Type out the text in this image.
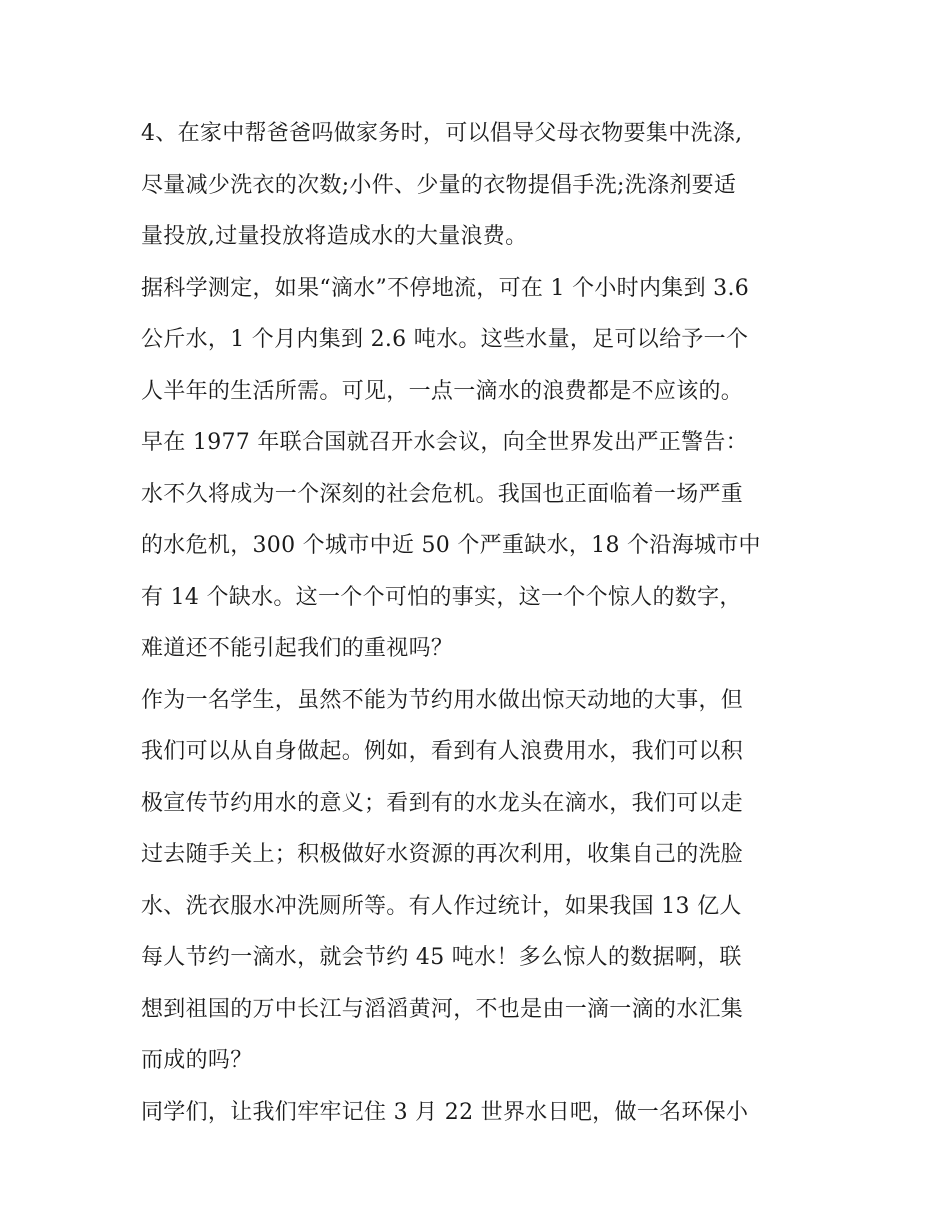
4、在家中帮爸爸吗做家务时，可以倡导父母衣物要集中洗涤,
尽量减少洗衣的次数;小件、少量的衣物提倡手洗;洗涤剂要适
量投放,过量投放将造成水的大量浪费。
据科学测定，如果“滴水”不停地流，可在 1 个小时内集到 3.6
公斤水，1 个月内集到 2.6 吨水。这些水量，足可以给予一个
人半年的生活所需。可见，一点一滴水的浪费都是不应该的。
早在 1977 年联合国就召开水会议，向全世界发出严正警告：
水不久将成为一个深刻的社会危机。我国也正面临着一场严重
的水危机，300 个城市中近 50 个严重缺水，18 个沿海城市中
有 14 个缺水。这一个个可怕的事实，这一个个惊人的数字，
难道还不能引起我们的重视吗？
作为一名学生，虽然不能为节约用水做出惊天动地的大事，但
我们可以从自身做起。例如，看到有人浪费用水，我们可以积
极宣传节约用水的意义；看到有的水龙头在滴水，我们可以走
过去随手关上；积极做好水资源的再次利用，收集自己的洗脸
水、洗衣服水冲洗厕所等。有人作过统计，如果我国 13 亿人
每人节约一滴水，就会节约 45 吨水！多么惊人的数据啊，联
想到祖国的万中长江与滔滔黄河，不也是由一滴一滴的水汇集
而成的吗？
同学们，让我们牢牢记住 3 月 22 世界水日吧，做一名环保小
